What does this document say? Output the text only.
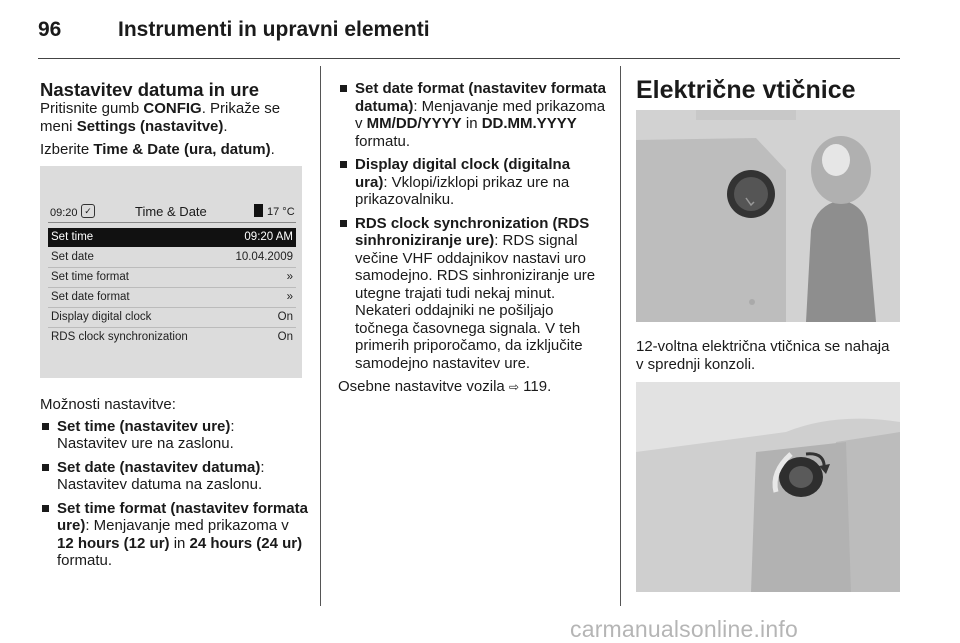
96	Instrumenti in upravni elementi
Nastavitev datuma in ure

Pritisnite gumb CONFIG. Prikaže se meni Settings (nastavitve).

Izberite Time & Date (ura, datum).

09:20 ✓	Time & Date	17 °C
Set time	09:20 AM
Set date	10.04.2009
Set time format	»
Set date format	»
Display digital clock	On
RDS clock synchronization	On

Možnosti nastavitve:

Set time (nastavitev ure): Nastavitev ure na zaslonu.
Set date (nastavitev datuma): Nastavitev datuma na zaslonu.
Set time format (nastavitev formata ure): Menjavanje med prikazoma v 12 hours (12 ur) in 24 hours (24 ur) formatu.
Set date format (nastavitev formata datuma): Menjavanje med prikazoma v MM/DD/YYYY in DD.MM.YYYY formatu.
Display digital clock (digitalna ura): Vklopi/izklopi prikaz ure na prikazovalniku.
RDS clock synchronization (RDS sinhroniziranje ure): RDS signal večine VHF oddajnikov nastavi uro samodejno. RDS sinhroniziranje ure utegne trajati tudi nekaj minut. Nekateri oddajniki ne pošiljajo točnega časovnega signala. V teh primerih priporočamo, da izključite samodejno nastavitev ure.

Osebne nastavitve vozila ⇨ 119.

Električne vtičnice
12-voltna električna vtičnica se nahaja v sprednji konzoli.
carmanualsonline.info
